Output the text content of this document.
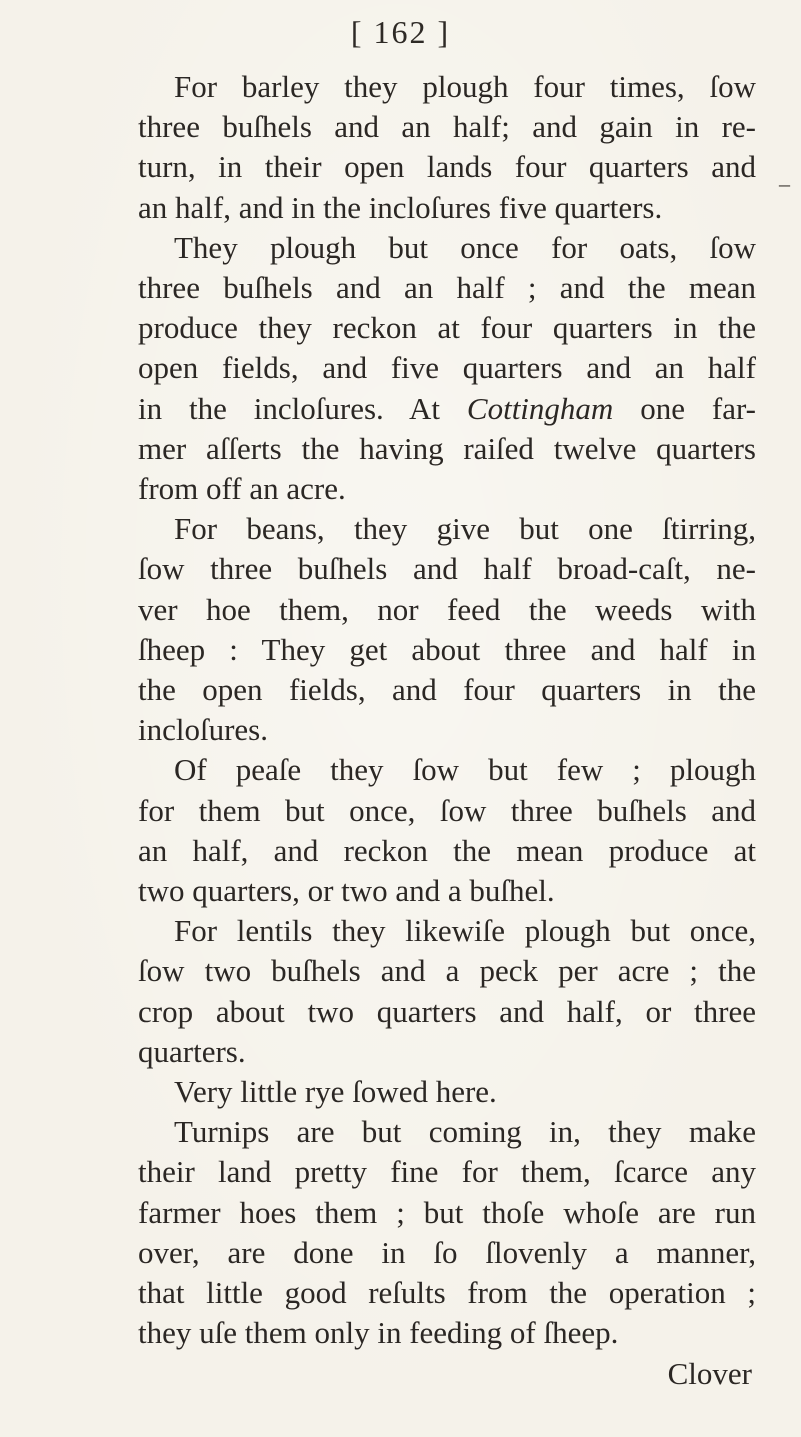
[ 162 ]
For barley they plough four times, ſow
three buſhels and an half; and gain in re-
turn, in their open lands four quarters and
an half, and in the incloſures five quarters.
They plough but once for oats, ſow
three buſhels and an half ; and the mean
produce they reckon at four quarters in the
open fields, and five quarters and an half
in the incloſures. At Cottingham one far-
mer aſſerts the having raiſed twelve quarters
from off an acre.
For beans, they give but one ſtirring,
ſow three buſhels and half broad-caſt, ne-
ver hoe them, nor feed the weeds with
ſheep : They get about three and half in
the open fields, and four quarters in the
incloſures.
Of peaſe they ſow but few ; plough
for them but once, ſow three buſhels and
an half, and reckon the mean produce at
two quarters, or two and a buſhel.
For lentils they likewiſe plough but once,
ſow two buſhels and a peck per acre ; the
crop about two quarters and half, or three
quarters.
Very little rye ſowed here.
Turnips are but coming in, they make
their land pretty fine for them, ſcarce any
farmer hoes them ; but thoſe whoſe are run
over, are done in ſo ſlovenly a manner,
that little good reſults from the operation ;
they uſe them only in feeding of ſheep.
Clover
–
